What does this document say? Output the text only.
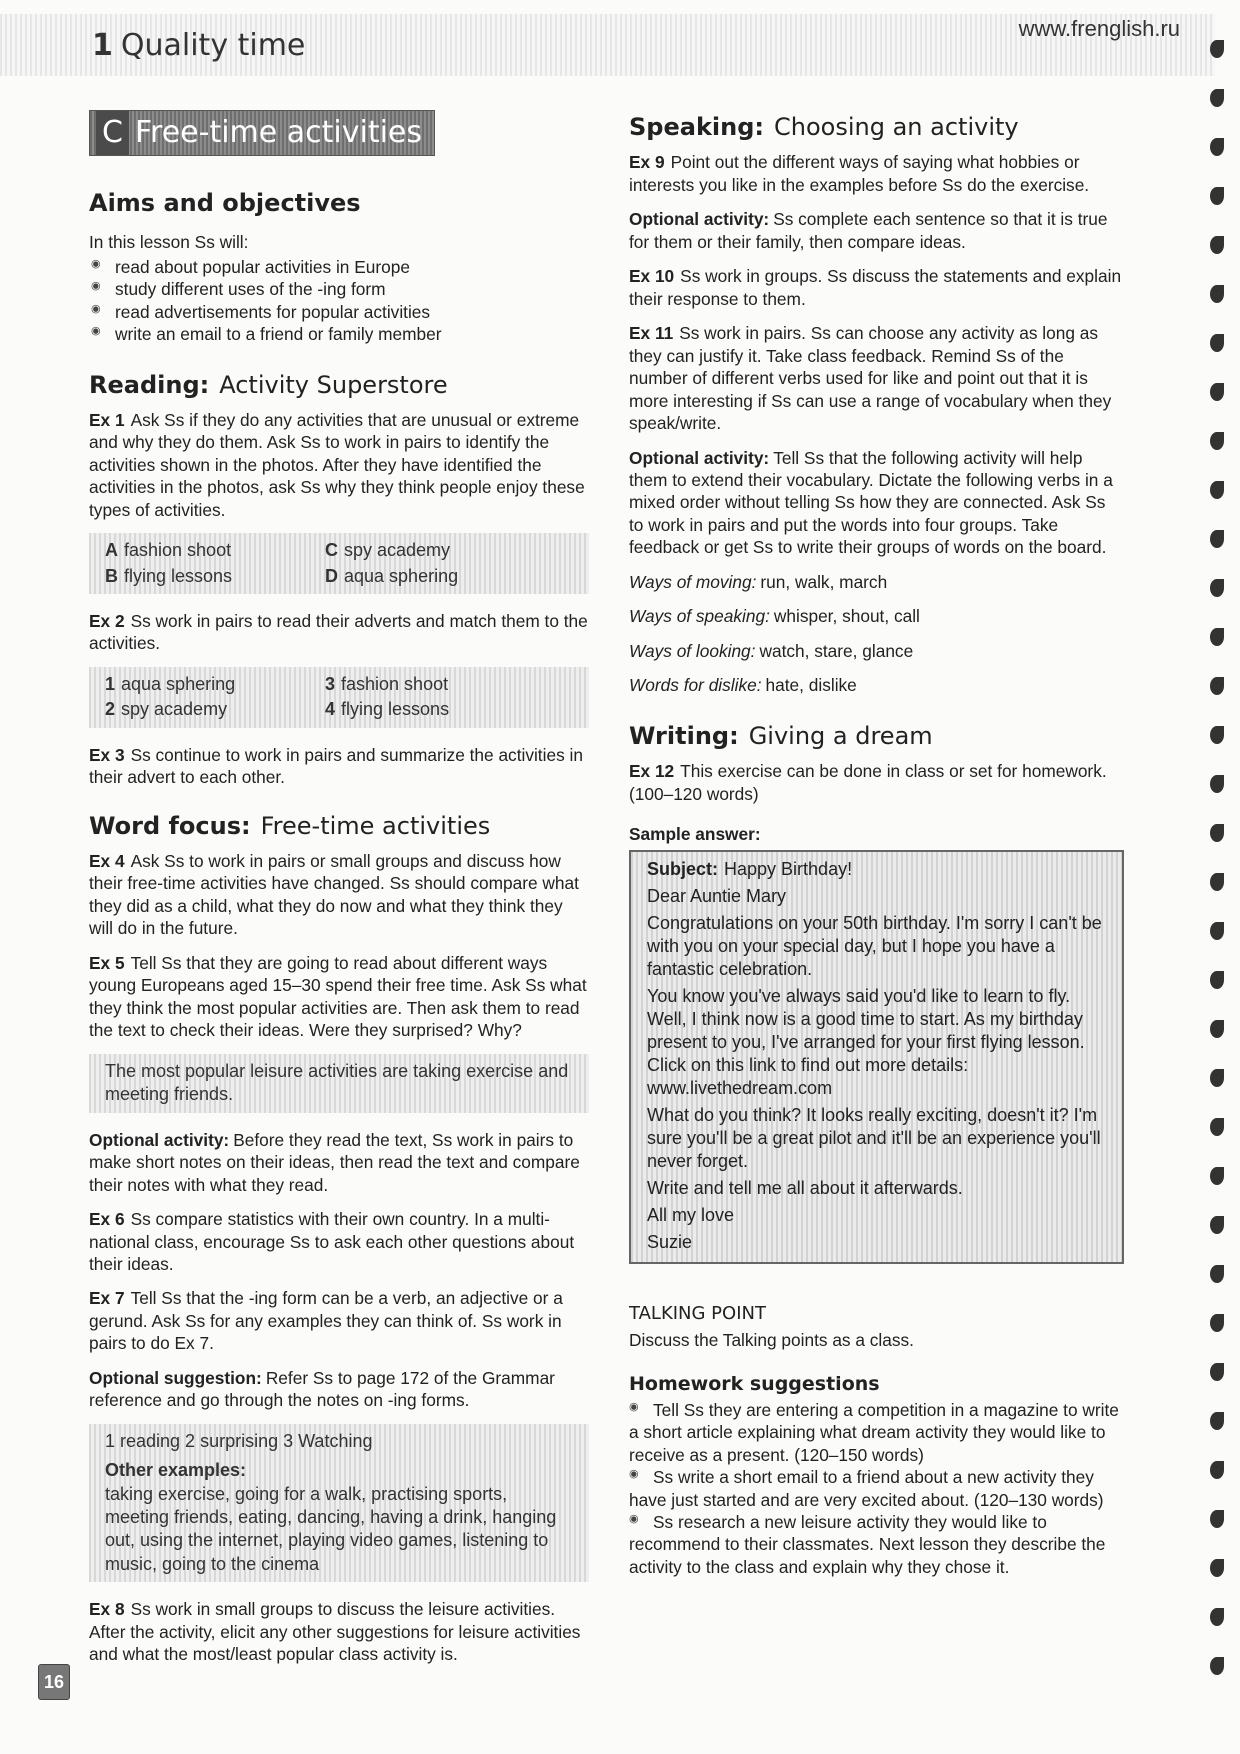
1 Quality time	www.frenglish.ru
C Free-time activities
Aims and objectives

In this lesson Ss will:

◉ read about popular activities in Europe
◉ study different uses of the -ing form
◉ read advertisements for popular activities
◉ write an email to a friend or family member
Reading: Activity Superstore

Ex 1 Ask Ss if they do any activities that are unusual or extreme and why they do them. Ask Ss to work in pairs to identify the activities shown in the photos. After they have identified the activities in the photos, ask Ss why they think people enjoy these types of activities.

A fashion shoot	C spy academy
B flying lessons	D aqua sphering

Ex 2 Ss work in pairs to read their adverts and match them to the activities.

1 aqua sphering	3 fashion shoot
2 spy academy	4 flying lessons

Ex 3 Ss continue to work in pairs and summarize the activities in their advert to each other.

Word focus: Free-time activities

Ex 4 Ask Ss to work in pairs or small groups and discuss how their free-time activities have changed. Ss should compare what they did as a child, what they do now and what they think they will do in the future.

Ex 5 Tell Ss that they are going to read about different ways young Europeans aged 15–30 spend their free time. Ask Ss what they think the most popular activities are. Then ask them to read the text to check their ideas. Were they surprised? Why?

The most popular leisure activities are taking exercise and meeting friends.

Optional activity: Before they read the text, Ss work in pairs to make short notes on their ideas, then read the text and compare their notes with what they read.

Ex 6 Ss compare statistics with their own country. In a multi-national class, encourage Ss to ask each other questions about their ideas.

Ex 7 Tell Ss that the -ing form can be a verb, an adjective or a gerund. Ask Ss for any examples they can think of. Ss work in pairs to do Ex 7.

Optional suggestion: Refer Ss to page 172 of the Grammar reference and go through the notes on -ing forms.

1 reading 2 surprising 3 Watching
Other examples:
taking exercise, going for a walk, practising sports, meeting friends, eating, dancing, having a drink, hanging out, using the internet, playing video games, listening to music, going to the cinema

Ex 8 Ss work in small groups to discuss the leisure activities. After the activity, elicit any other suggestions for leisure activities and what the most/least popular class activity is.

Speaking: Choosing an activity

Ex 9 Point out the different ways of saying what hobbies or interests you like in the examples before Ss do the exercise.

Optional activity: Ss complete each sentence so that it is true for them or their family, then compare ideas.

Ex 10 Ss work in groups. Ss discuss the statements and explain their response to them.

Ex 11 Ss work in pairs. Ss can choose any activity as long as they can justify it. Take class feedback. Remind Ss of the number of different verbs used for like and point out that it is more interesting if Ss can use a range of vocabulary when they speak/write.

Optional activity: Tell Ss that the following activity will help them to extend their vocabulary. Dictate the following verbs in a mixed order without telling Ss how they are connected. Ask Ss to work in pairs and put the words into four groups. Take feedback or get Ss to write their groups of words on the board.

Ways of moving: run, walk, march

Ways of speaking: whisper, shout, call

Ways of looking: watch, stare, glance

Words for dislike: hate, dislike

Writing: Giving a dream

Ex 12 This exercise can be done in class or set for homework. (100–120 words)

Sample answer:

Subject: Happy Birthday!

Dear Auntie Mary

Congratulations on your 50th birthday. I'm sorry I can't be with you on your special day, but I hope you have a fantastic celebration.

You know you've always said you'd like to learn to fly. Well, I think now is a good time to start. As my birthday present to you, I've arranged for your first flying lesson. Click on this link to find out more details: www.livethedream.com

What do you think? It looks really exciting, doesn't it? I'm sure you'll be a great pilot and it'll be an experience you'll never forget.

Write and tell me all about it afterwards.

All my love

Suzie

TALKING POINT

Discuss the Talking points as a class.

Homework suggestions
◉ Tell Ss they are entering a competition in a magazine to write a short article explaining what dream activity they would like to receive as a present. (120–150 words)
◉ Ss write a short email to a friend about a new activity they have just started and are very excited about. (120–130 words)
◉ Ss research a new leisure activity they would like to recommend to their classmates. Next lesson they describe the activity to the class and explain why they chose it.
16
